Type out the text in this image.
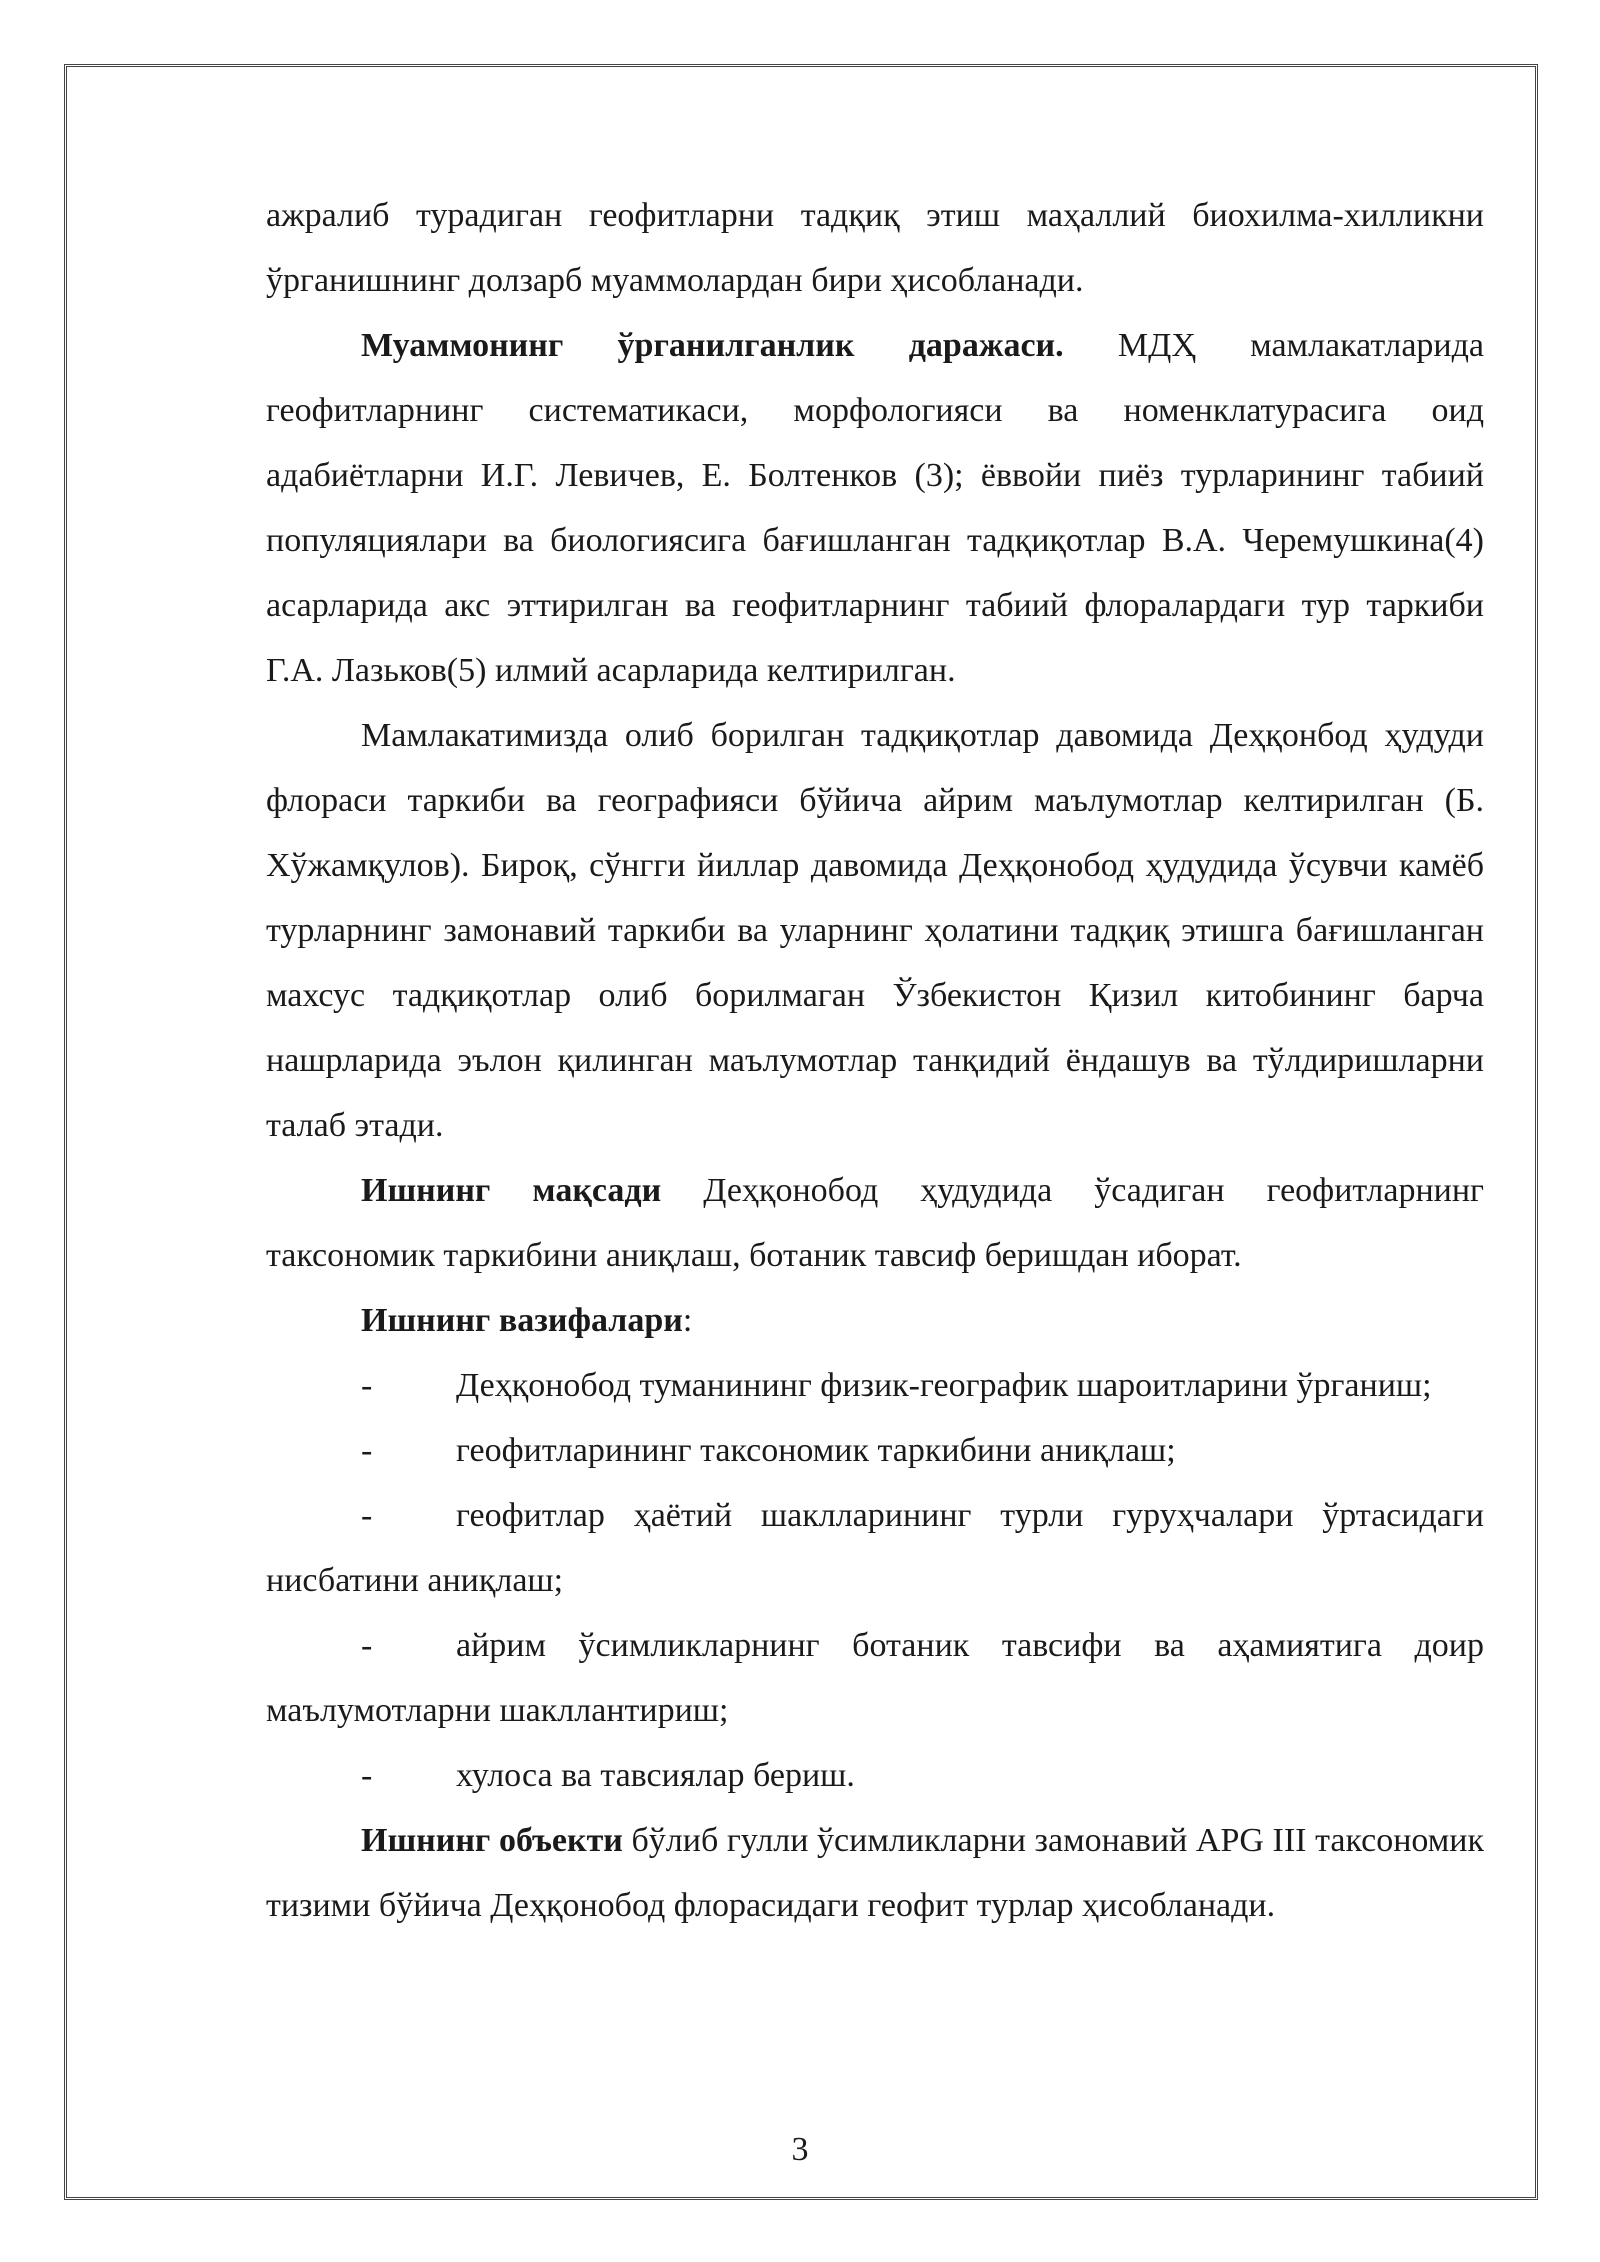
ажралиб турадиган геофитларни тадқиқ этиш маҳаллий биохилма-хилликни ўрганишнинг долзарб муаммолардан бири ҳисобланади.

Муаммонинг ўрганилганлик даражаси. МДҲ мамлакатларида геофитларнинг систематикаси, морфологияси ва номенклатурасига оид адабиётларни И.Г. Левичев, Е. Болтенков (3); ёввойи пиёз турларининг табиий популяциялари ва биологиясига бағишланган тадқиқотлар В.А. Черемушкина(4) асарларида акс эттирилган ва геофитларнинг табиий флоралардаги тур таркиби Г.А. Лазьков(5) илмий асарларида келтирилган.

Мамлакатимизда олиб борилган тадқиқотлар давомида Деҳқонбод ҳудуди флораси таркиби ва географияси бўйича айрим маълумотлар келтирилган (Б. Хўжамқулов). Бироқ, сўнгги йиллар давомида Деҳқонобод ҳудудида ўсувчи камёб турларнинг замонавий таркиби ва уларнинг ҳолатини тадқиқ этишга бағишланган махсус тадқиқотлар олиб борилмаган Ўзбекистон Қизил китобининг барча нашрларида эълон қилинган маълумотлар танқидий ёндашув ва тўлдиришларни талаб этади.

Ишнинг мақсади Деҳқонобод ҳудудида ўсадиган геофитларнинг таксономик таркибини аниқлаш, ботаник тавсиф беришдан иборат.

Ишнинг вазифалари:

- Деҳқонобод туманининг физик-географик шароитларини ўрганиш;

- геофитларининг таксономик таркибини аниқлаш;

- геофитлар ҳаётий шаклларининг турли гуруҳчалари ўртасидаги нисбатини аниқлаш;

- айрим ўсимликларнинг ботаник тавсифи ва аҳамиятига доир маълумотларни шакллантириш;

- хулоса ва тавсиялар бериш.

Ишнинг объекти бўлиб гулли ўсимликларни замонавий APG III таксономик тизими бўйича Деҳқонобод флорасидаги геофит турлар ҳисобланади.

3
